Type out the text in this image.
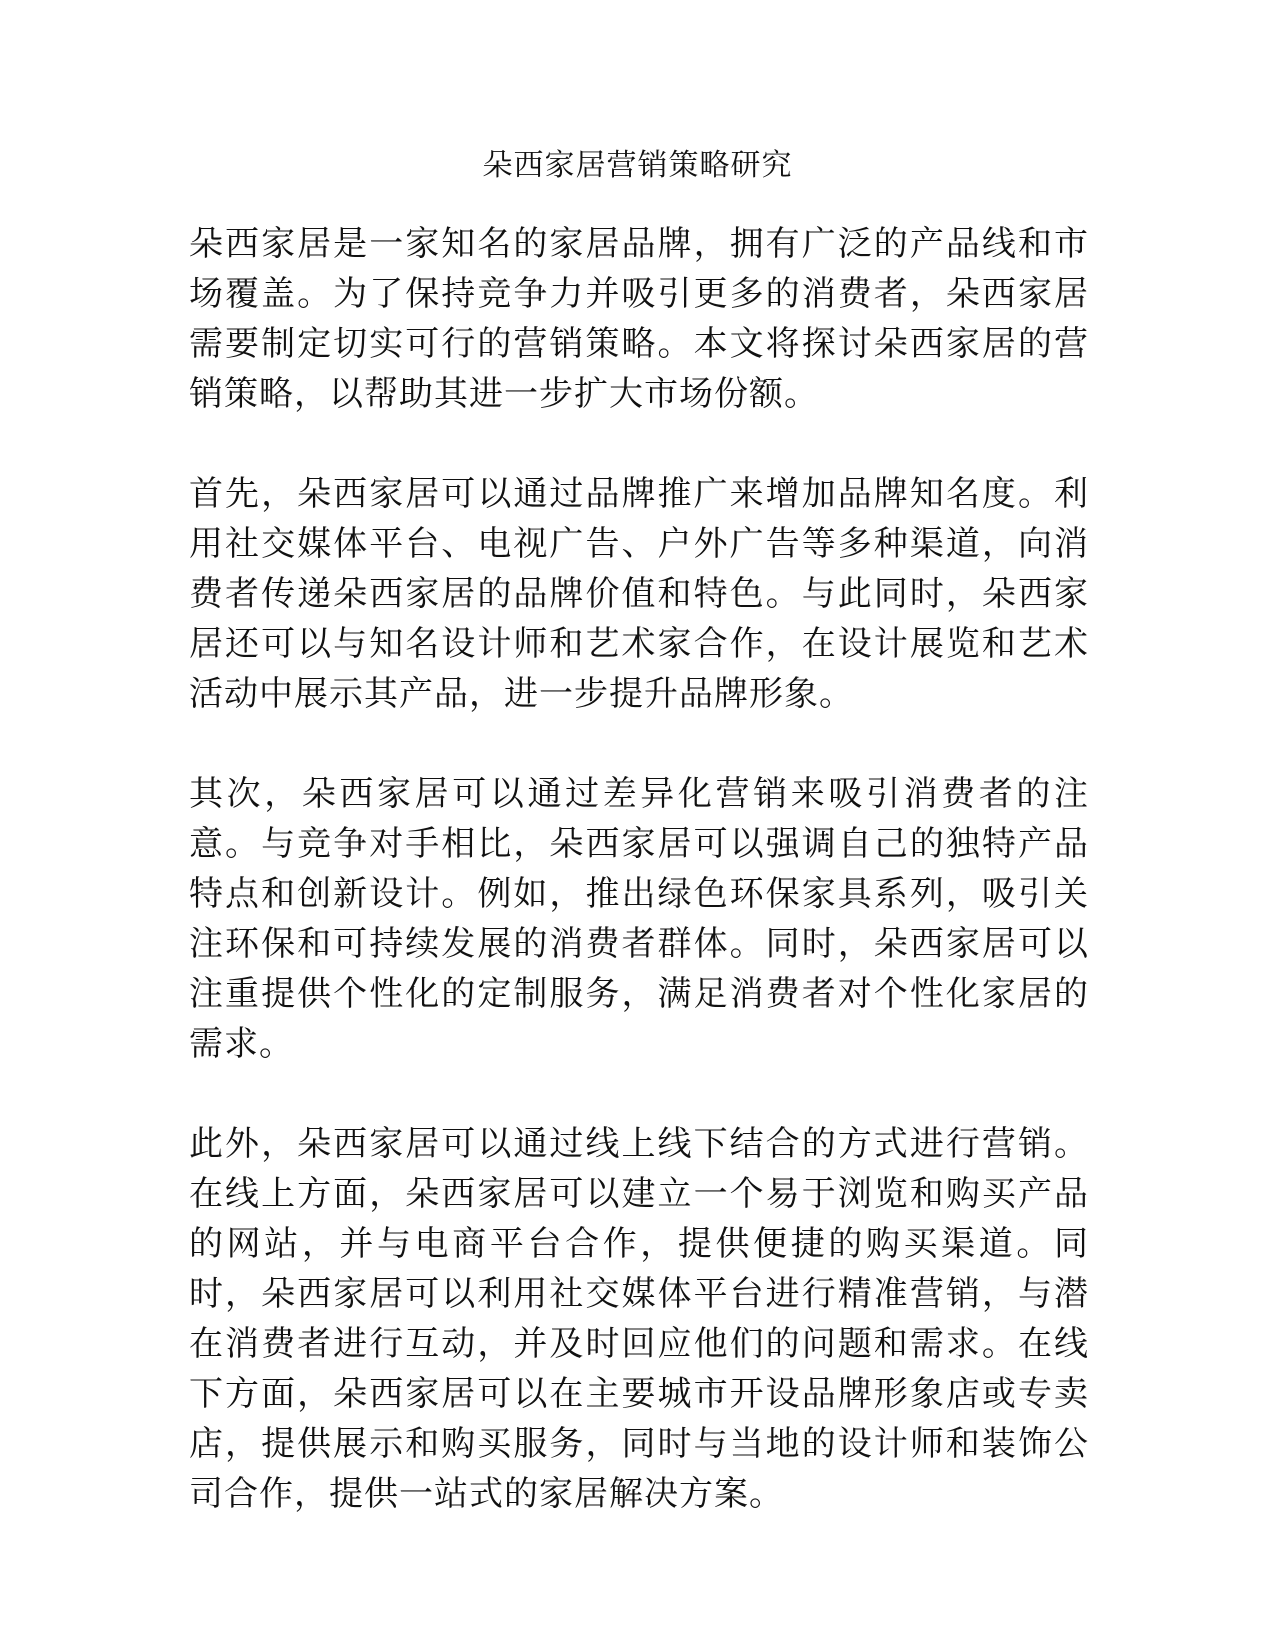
朵西家居营销策略研究

朵西家居是一家知名的家居品牌，拥有广泛的产品线和市场覆盖。为了保持竞争力并吸引更多的消费者，朵西家居需要制定切实可行的营销策略。本文将探讨朵西家居的营销策略，以帮助其进一步扩大市场份额。

首先，朵西家居可以通过品牌推广来增加品牌知名度。利用社交媒体平台、电视广告、户外广告等多种渠道，向消费者传递朵西家居的品牌价值和特色。与此同时，朵西家居还可以与知名设计师和艺术家合作，在设计展览和艺术活动中展示其产品，进一步提升品牌形象。

其次，朵西家居可以通过差异化营销来吸引消费者的注意。与竞争对手相比，朵西家居可以强调自己的独特产品特点和创新设计。例如，推出绿色环保家具系列，吸引关注环保和可持续发展的消费者群体。同时，朵西家居可以注重提供个性化的定制服务，满足消费者对个性化家居的需求。

此外，朵西家居可以通过线上线下结合的方式进行营销。在线上方面，朵西家居可以建立一个易于浏览和购买产品的网站，并与电商平台合作，提供便捷的购买渠道。同时，朵西家居可以利用社交媒体平台进行精准营销，与潜在消费者进行互动，并及时回应他们的问题和需求。在线下方面，朵西家居可以在主要城市开设品牌形象店或专卖店，提供展示和购买服务，同时与当地的设计师和装饰公司合作，提供一站式的家居解决方案。
